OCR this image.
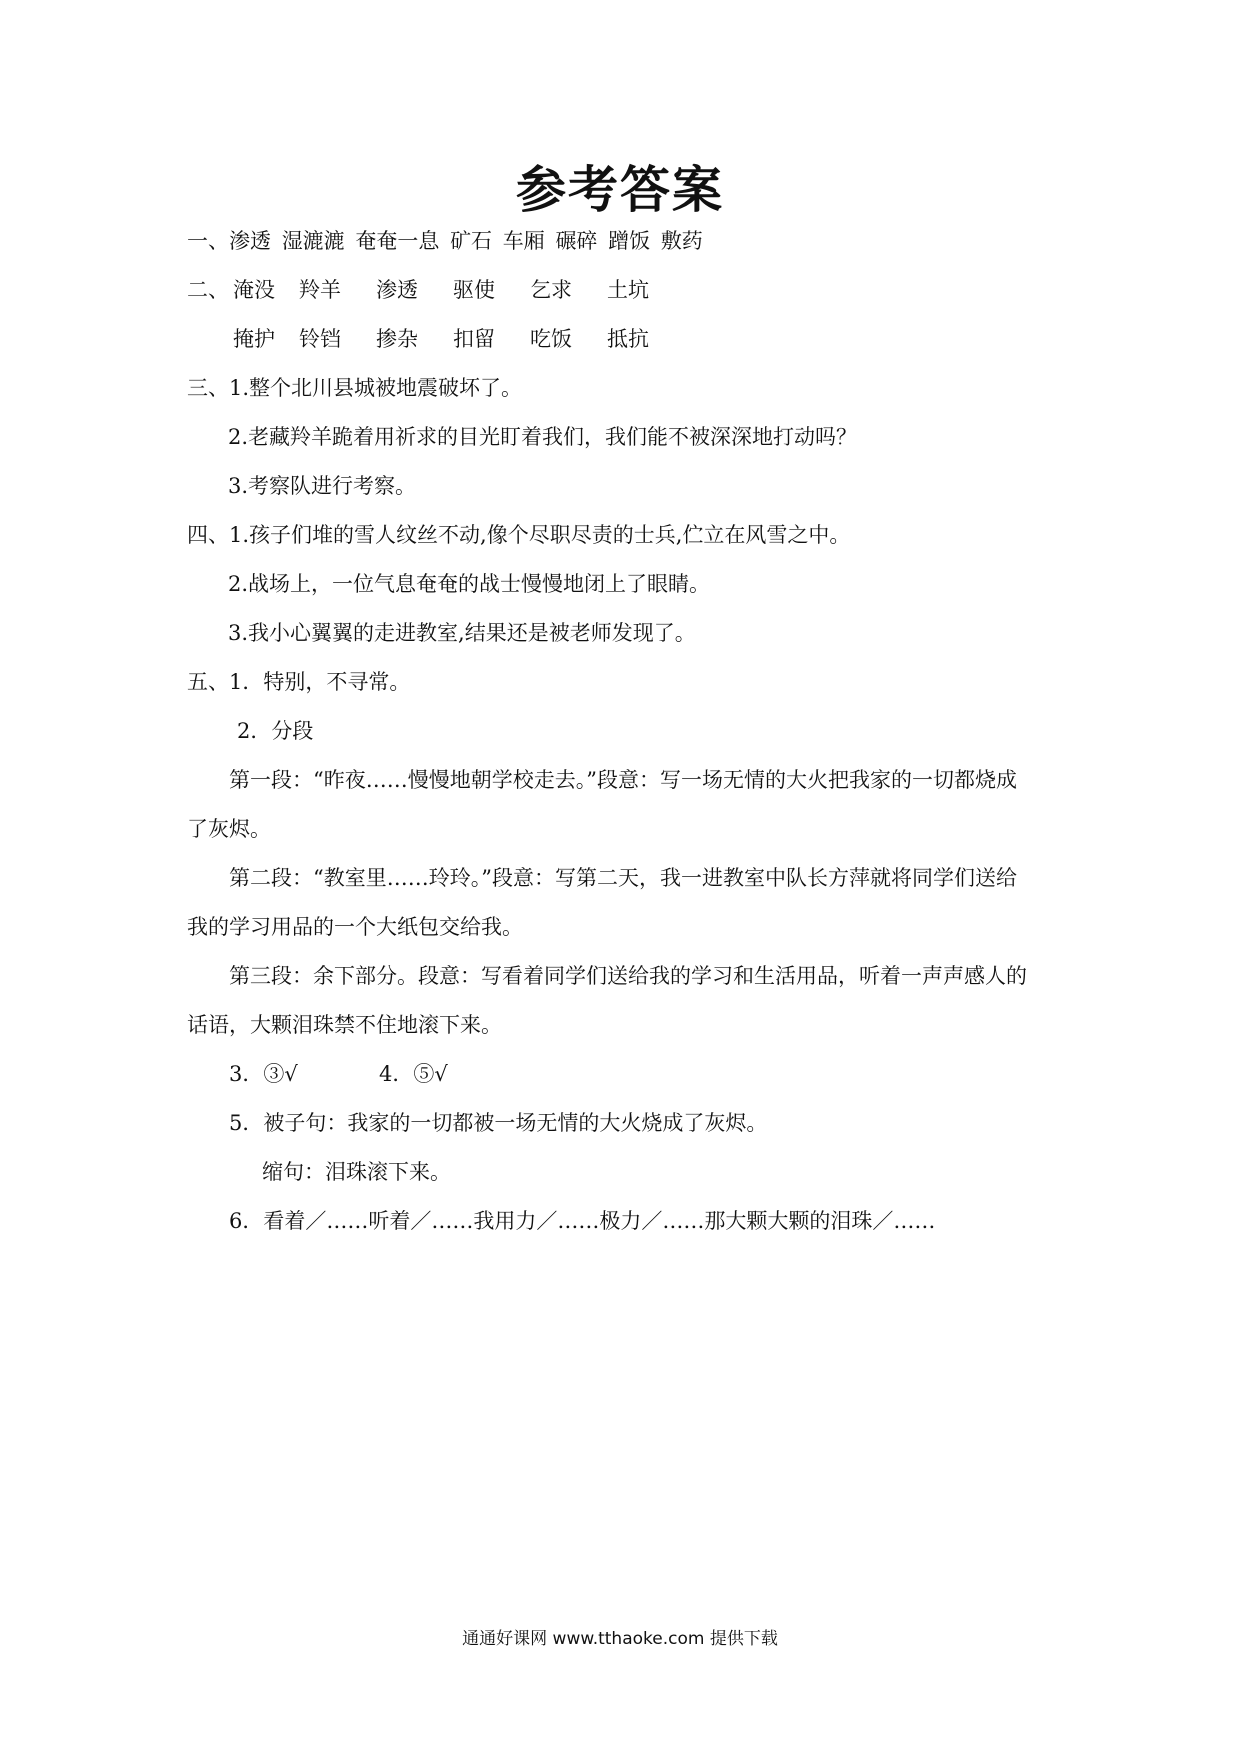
参考答案
一、渗透 湿漉漉 奄奄一息 矿石 车厢 碾碎 蹭饭 敷药
二、 淹没 羚羊 渗透 驱使 乞求 土坑
掩护 铃铛 掺杂 扣留 吃饭 抵抗
三、1.整个北川县城被地震破坏了。
2.老藏羚羊跪着用祈求的目光盯着我们，我们能不被深深地打动吗？
3.考察队进行考察。
四、1.孩子们堆的雪人纹丝不动,像个尽职尽责的士兵,伫立在风雪之中。
2.战场上，一位气息奄奄的战士慢慢地闭上了眼睛。
3.我小心翼翼的走进教室,结果还是被老师发现了。
五、1．特别，不寻常。
2．分段
第一段：“昨夜……慢慢地朝学校走去。”段意：写一场无情的大火把我家的一切都烧成
了灰烬。
第二段：“教室里……玲玲。”段意：写第二天，我一进教室中队长方萍就将同学们送给
我的学习用品的一个大纸包交给我。
第三段：余下部分。段意：写看着同学们送给我的学习和生活用品，听着一声声感人的
话语，大颗泪珠禁不住地滚下来。
3．③√	4．⑤√
5．被子句：我家的一切都被一场无情的大火烧成了灰烬。
缩句：泪珠滚下来。
6．看着／……听着／……我用力／……极力／……那大颗大颗的泪珠／……
通通好课网 www.tthaoke.com 提供下载
